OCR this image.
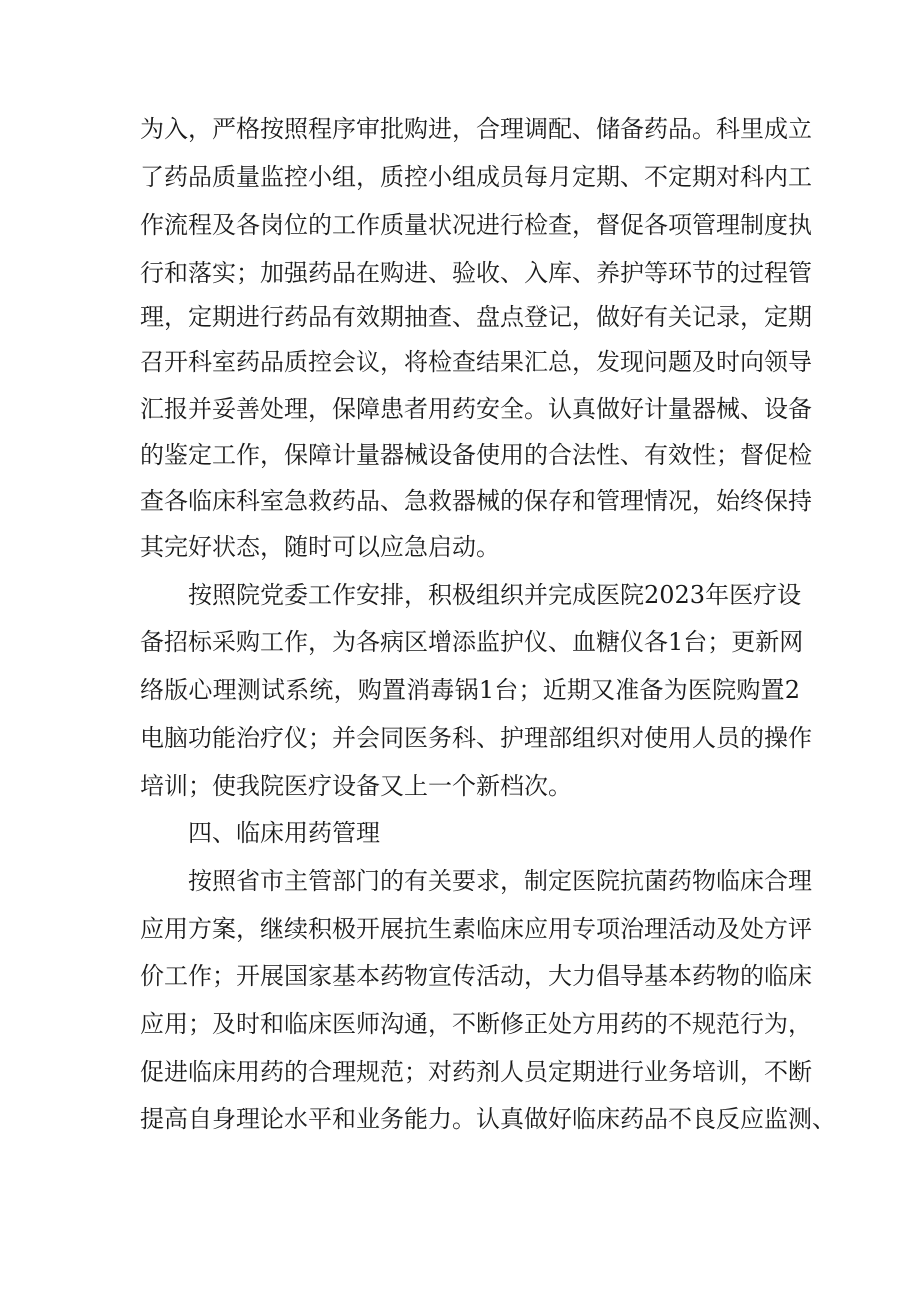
为入，严格按照程序审批购进，合理调配、储备药品。科里成立
了药品质量监控小组，质控小组成员每月定期、不定期对科内工
作流程及各岗位的工作质量状况进行检查，督促各项管理制度执
行和落实；加强药品在购进、验收、入库、养护等环节的过程管
理，定期进行药品有效期抽查、盘点登记，做好有关记录，定期
召开科室药品质控会议，将检查结果汇总，发现问题及时向领导
汇报并妥善处理，保障患者用药安全。认真做好计量器械、设备
的鉴定工作，保障计量器械设备使用的合法性、有效性；督促检
查各临床科室急救药品、急救器械的保存和管理情况，始终保持
其完好状态，随时可以应急启动。
按照院党委工作安排，积极组织并完成医院2023年医疗设
备招标采购工作，为各病区增添监护仪、血糖仪各1台；更新网
络版心理测试系统，购置消毒锅1台；近期又准备为医院购置2
电脑功能治疗仪；并会同医务科、护理部组织对使用人员的操作
培训；使我院医疗设备又上一个新档次。
四、临床用药管理
按照省市主管部门的有关要求，制定医院抗菌药物临床合理
应用方案，继续积极开展抗生素临床应用专项治理活动及处方评
价工作；开展国家基本药物宣传活动，大力倡导基本药物的临床
应用；及时和临床医师沟通，不断修正处方用药的不规范行为，
促进临床用药的合理规范；对药剂人员定期进行业务培训，不断
提高自身理论水平和业务能力。认真做好临床药品不良反应监测、
